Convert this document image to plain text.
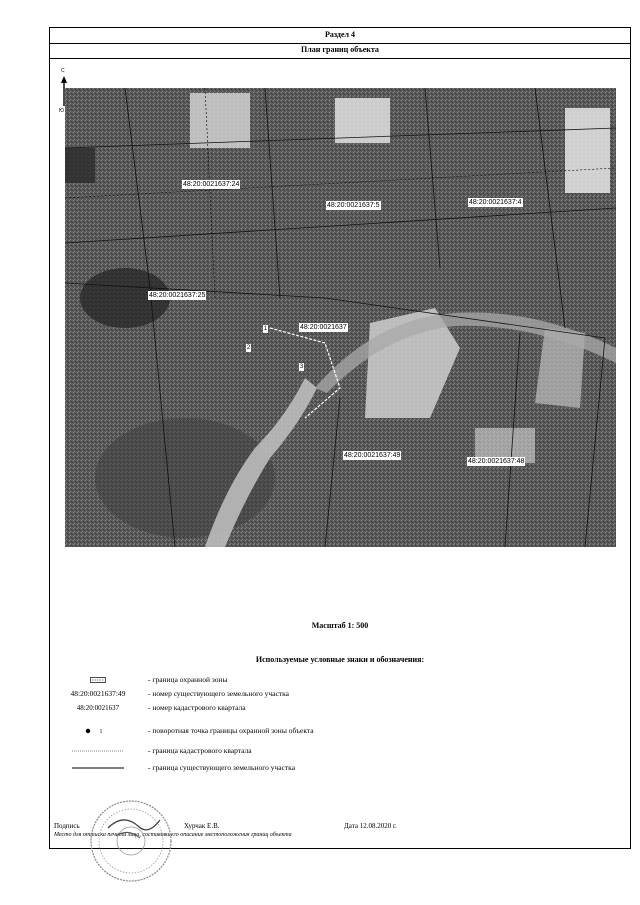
Раздел 4
План границ объекта
С
Ю
48:20:0021637:24
48:20:0021637:5	48:20:0021637:4
48:20:0021637:25
48:20:0021637
48:20:0021637:49
48:20:0021637:48
1
2
3
Масштаб 1: 500
Используемые условные знаки и обозначения:
- граница охранной зоны
48:20:0021637:49	- номер существующего земельного участка
48:20:0021637	- номер кадастрового квартала
1	- поворотная точка границы охранной зоны объекта
- граница кадастрового квартала
- граница существующего земельного участка
Подпись	Хурчак Е.В.	Дата 12.08.2020 г.
Место для оттиска печати лица, составившего описание местоположения границ объекта
